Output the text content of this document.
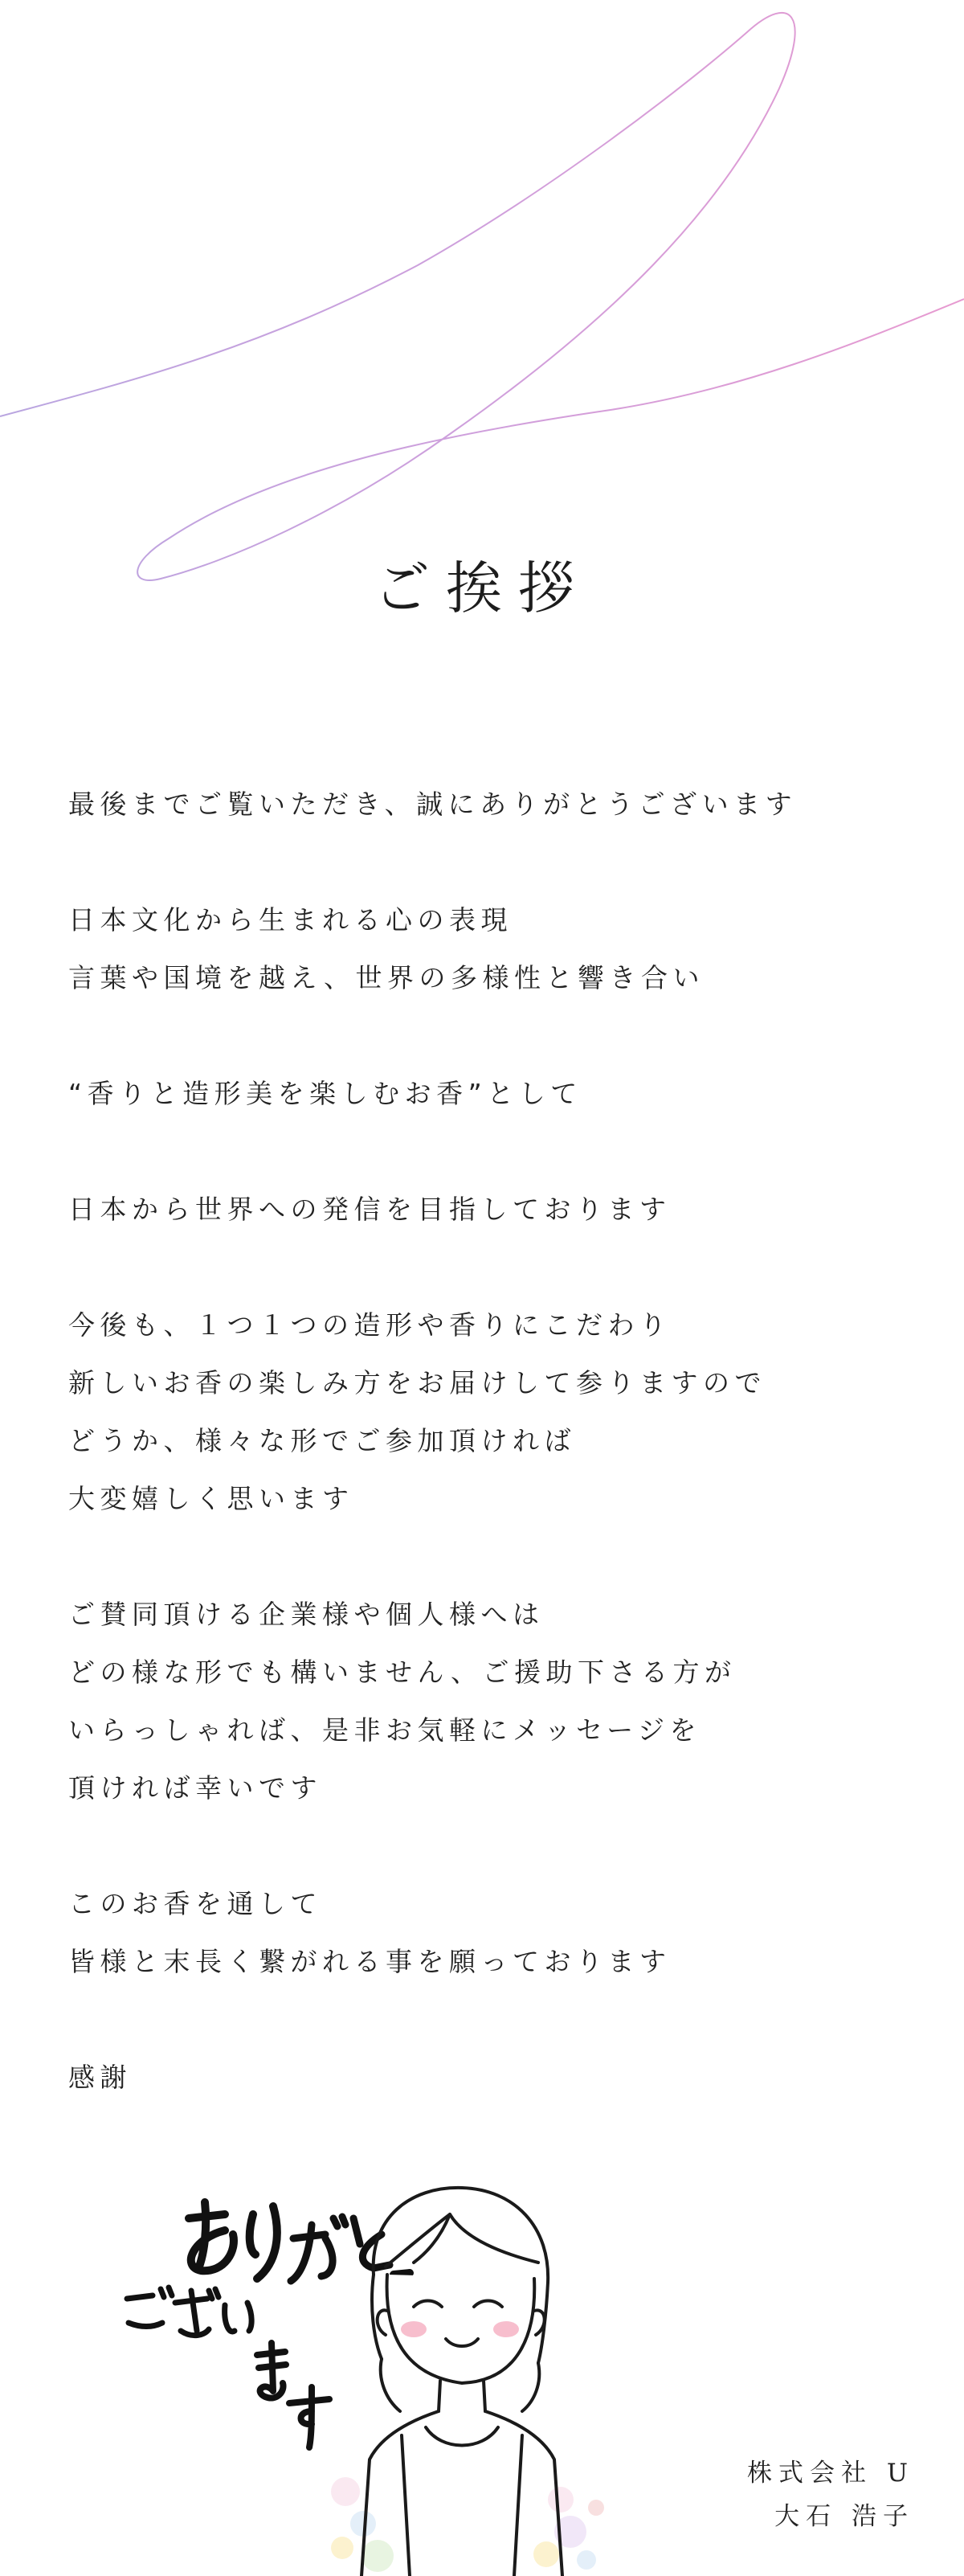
ご挨拶
最後までご覧いただき、誠にありがとうございます
日本文化から生まれる心の表現
言葉や国境を越え、世界の多様性と響き合い
“香りと造形美を楽しむお香”として
日本から世界への発信を目指しております
今後も、１つ１つの造形や香りにこだわり
新しいお香の楽しみ方をお届けして参りますので
どうか、様々な形でご参加頂ければ
大変嬉しく思います
ご賛同頂ける企業様や個人様へは
どの様な形でも構いません、ご援助下さる方が
いらっしゃれば、是非お気軽にメッセージを
頂ければ幸いです
このお香を通して
皆様と末長く繋がれる事を願っております
感謝
株式会社 U
大石 浩子
